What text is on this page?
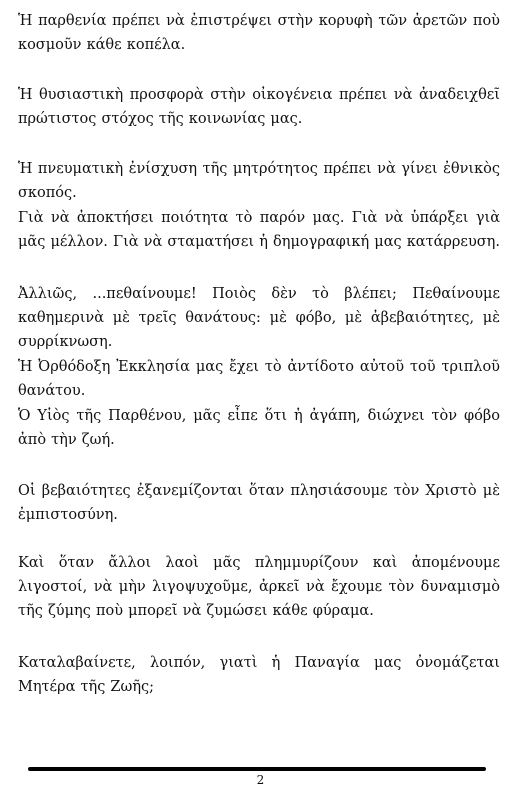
Ἡ παρθενία πρέπει νὰ ἐπιστρέψει στὴν κορυφὴ τῶν ἀρετῶν ποὺ κοσμοῦν κάθε κοπέλα.

Ἡ θυσιαστικὴ προσφορὰ στὴν οἰκογένεια πρέπει νὰ ἀναδειχθεῖ πρώτιστος στόχος τῆς κοινωνίας μας.

Ἡ πνευματικὴ ἐνίσχυση τῆς μητρότητος πρέπει νὰ γίνει ἐθνικὸς σκοπός.

Γιὰ νὰ ἀποκτήσει ποιότητα τὸ παρόν μας. Γιὰ νὰ ὑπάρξει γιὰ μᾶς μέλλον. Γιὰ νὰ σταματήσει ἡ δημογραφική μας κατάρρευση.

Ἀλλιῶς, ...πεθαίνουμε! Ποιὸς δὲν τὸ βλέπει; Πεθαίνουμε καθημερινὰ μὲ τρεῖς θανάτους: μὲ φόβο, μὲ ἀβεβαιότητες, μὲ συρρίκνωση.

Ἡ Ὀρθόδοξη Ἐκκλησία μας ἔχει τὸ ἀντίδοτο αὐτοῦ τοῦ τριπλοῦ θανάτου.

Ὁ Υἱὸς τῆς Παρθένου, μᾶς εἶπε ὅτι ἡ ἀγάπη, διώχνει τὸν φόβο ἀπὸ τὴν ζωή.

Οἱ βεβαιότητες ἐξανεμίζονται ὅταν πλησιάσουμε τὸν Χριστὸ μὲ ἐμπιστοσύνη.

Καὶ ὅταν ἄλλοι λαοὶ μᾶς πλημμυρίζουν καὶ ἀπομένουμε λιγοστοί, νὰ μὴν λιγοψυχοῦμε, ἀρκεῖ νὰ ἔχουμε τὸν δυναμισμὸ τῆς ζύμης ποὺ μπορεῖ νὰ ζυμώσει κάθε φύραμα.

Καταλαβαίνετε, λοιπόν, γιατὶ ἡ Παναγία μας ὀνομάζεται Μητέρα τῆς Ζωῆς;

2
